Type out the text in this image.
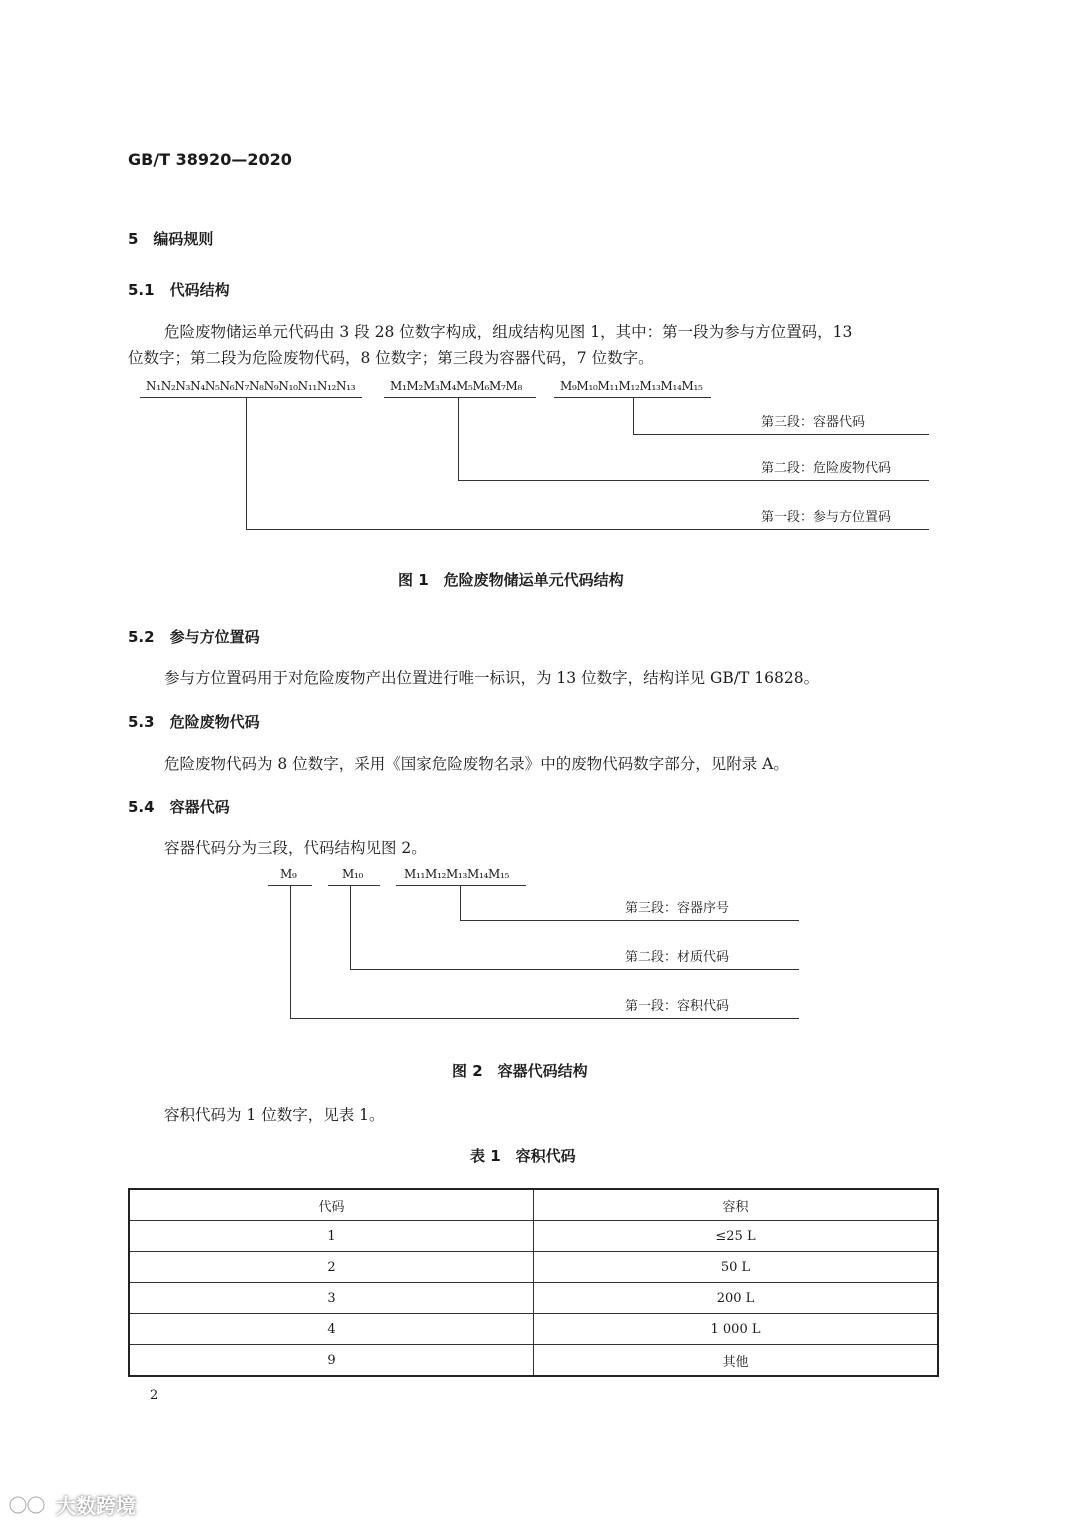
GB/T 38920—2020
5　编码规则
5.1　代码结构
危险废物储运单元代码由 3 段 28 位数字构成，组成结构见图 1，其中：第一段为参与方位置码，13
位数字；第二段为危险废物代码，8 位数字；第三段为容器代码，7 位数字。
N₁N₂N₃N₄N₅N₆N₇N₈N₉N₁₀N₁₁N₁₂N₁₃	M₁M₂M₃M₄M₅M₆M₇M₈	M₉M₁₀M₁₁M₁₂M₁₃M₁₄M₁₅
第三段：容器代码
第二段：危险废物代码
第一段：参与方位置码
图 1　危险废物储运单元代码结构
5.2　参与方位置码
参与方位置码用于对危险废物产出位置进行唯一标识，为 13 位数字，结构详见 GB/T 16828。
5.3　危险废物代码
危险废物代码为 8 位数字，采用《国家危险废物名录》中的废物代码数字部分，见附录 A。
5.4　容器代码
容器代码分为三段，代码结构见图 2。
M₉	M₁₀	M₁₁M₁₂M₁₃M₁₄M₁₅
第三段：容器序号
第二段：材质代码
第一段：容积代码
图 2　容器代码结构
容积代码为 1 位数字，见表 1。
表 1　容积代码
代码	容积
1	≤25 L
2	50 L
3	200 L
4	1 000 L
9	其他
2
大数跨境
